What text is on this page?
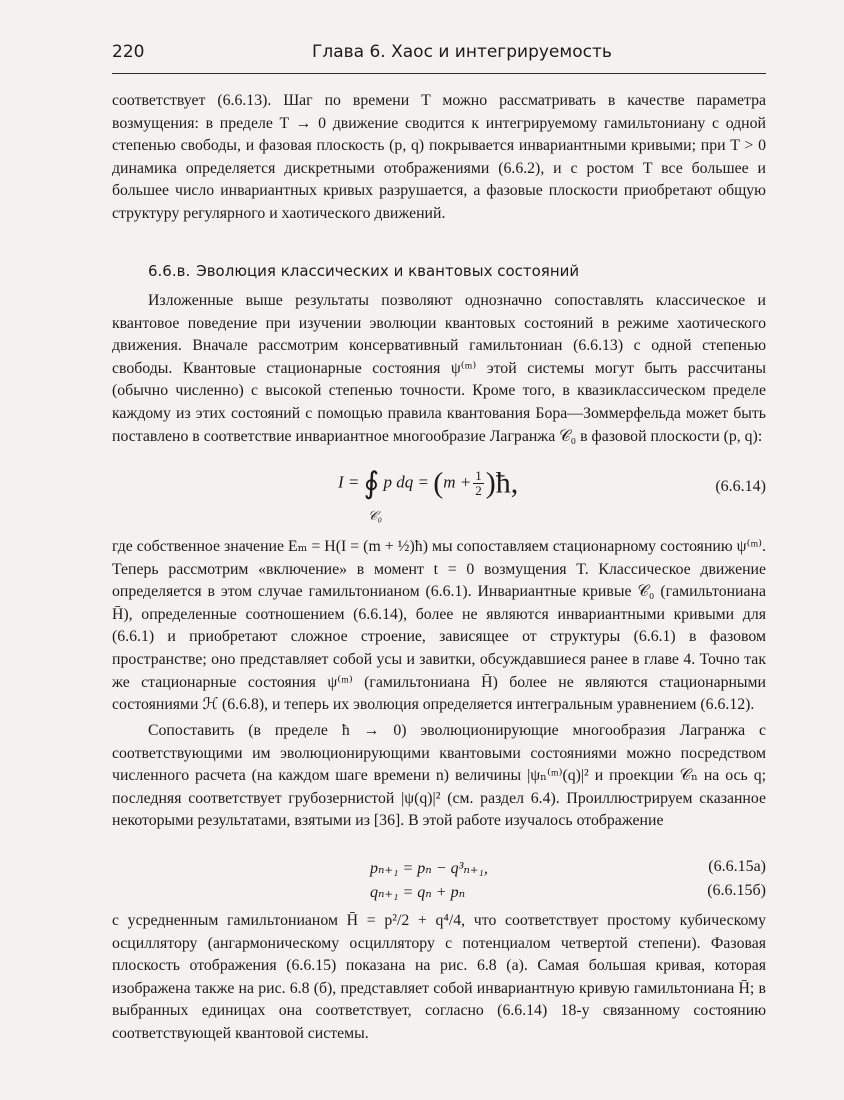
220	Глава 6. Хаос и интегрируемость

соответствует (6.6.13). Шаг по времени T можно рассматривать в качестве параметра возмущения: в пределе T → 0 движение сводится к интегрируемому гамильтониану с одной степенью свободы, и фазовая плоскость (p, q) покрывается инвариантными кривыми; при T > 0 динамика определяется дискретными отображениями (6.6.2), и с ростом T все большее и большее число инвариантных кривых разрушается, а фазовые плоскости приобретают общую структуру регулярного и хаотического движений.

6.6.в. Эволюция классических и квантовых состояний

Изложенные выше результаты позволяют однозначно сопоставлять классическое и квантовое поведение при изучении эволюции квантовых состояний в режиме хаотического движения. Вначале рассмотрим консервативный гамильтониан (6.6.13) с одной степенью свободы. Квантовые стационарные состояния ψ⁽ᵐ⁾ этой системы могут быть рассчитаны (обычно численно) с высокой степенью точности. Кроме того, в квазиклассическом пределе каждому из этих состояний с помощью правила квантования Бора—Зоммерфельда может быть поставлено в соответствие инвариантное многообразие Лагранжа 𝒞₀ в фазовой плоскости (p, q):

I = ∮ p dq = ($m + \frac{1}{2}$ )ħ,
𝒞₀
(6.6.14)

где собственное значение Eₘ = H(I = (m + ½)ħ) мы сопоставляем стационарному состоянию ψ⁽ᵐ⁾. Теперь рассмотрим «включение» в момент t = 0 возмущения T. Классическое движение определяется в этом случае гамильтонианом (6.6.1). Инвариантные кривые 𝒞₀ (гамильтониана H̄), определенные соотношением (6.6.14), более не являются инвариантными кривыми для (6.6.1) и приобретают сложное строение, зависящее от структуры (6.6.1) в фазовом пространстве; оно представляет собой усы и завитки, обсуждавшиеся ранее в главе 4. Точно так же стационарные состояния ψ⁽ᵐ⁾ (гамильтониана H̄) более не являются стационарными состояниями ℋ (6.6.8), и теперь их эволюция определяется интегральным уравнением (6.6.12).

Сопоставить (в пределе ħ → 0) эволюционирующие многообразия Лагранжа с соответствующими им эволюционирующими квантовыми состояниями можно посредством численного расчета (на каждом шаге времени n) величины |ψₙ⁽ᵐ⁾(q)|² и проекции 𝒞ₙ на ось q; последняя соответствует грубозернистой |ψ(q)|² (см. раздел 6.4). Проиллюстрируем сказанное некоторыми результатами, взятыми из [36]. В этой работе изучалось отображение

pₙ₊₁ = pₙ − q³ₙ₊₁,	(6.6.15а)
qₙ₊₁ = qₙ + pₙ	(6.6.15б)

с усредненным гамильтонианом H̄ = p²/2 + q⁴/4, что соответствует простому кубическому осциллятору (ангармоническому осциллятору с потенциалом четвертой степени). Фазовая плоскость отображения (6.6.15) показана на рис. 6.8 (а). Самая большая кривая, которая изображена также на рис. 6.8 (б), представляет собой инвариантную кривую гамильтониана H̄; в выбранных единицах она соответствует, согласно (6.6.14) 18-у связанному состоянию соответствующей квантовой системы.
